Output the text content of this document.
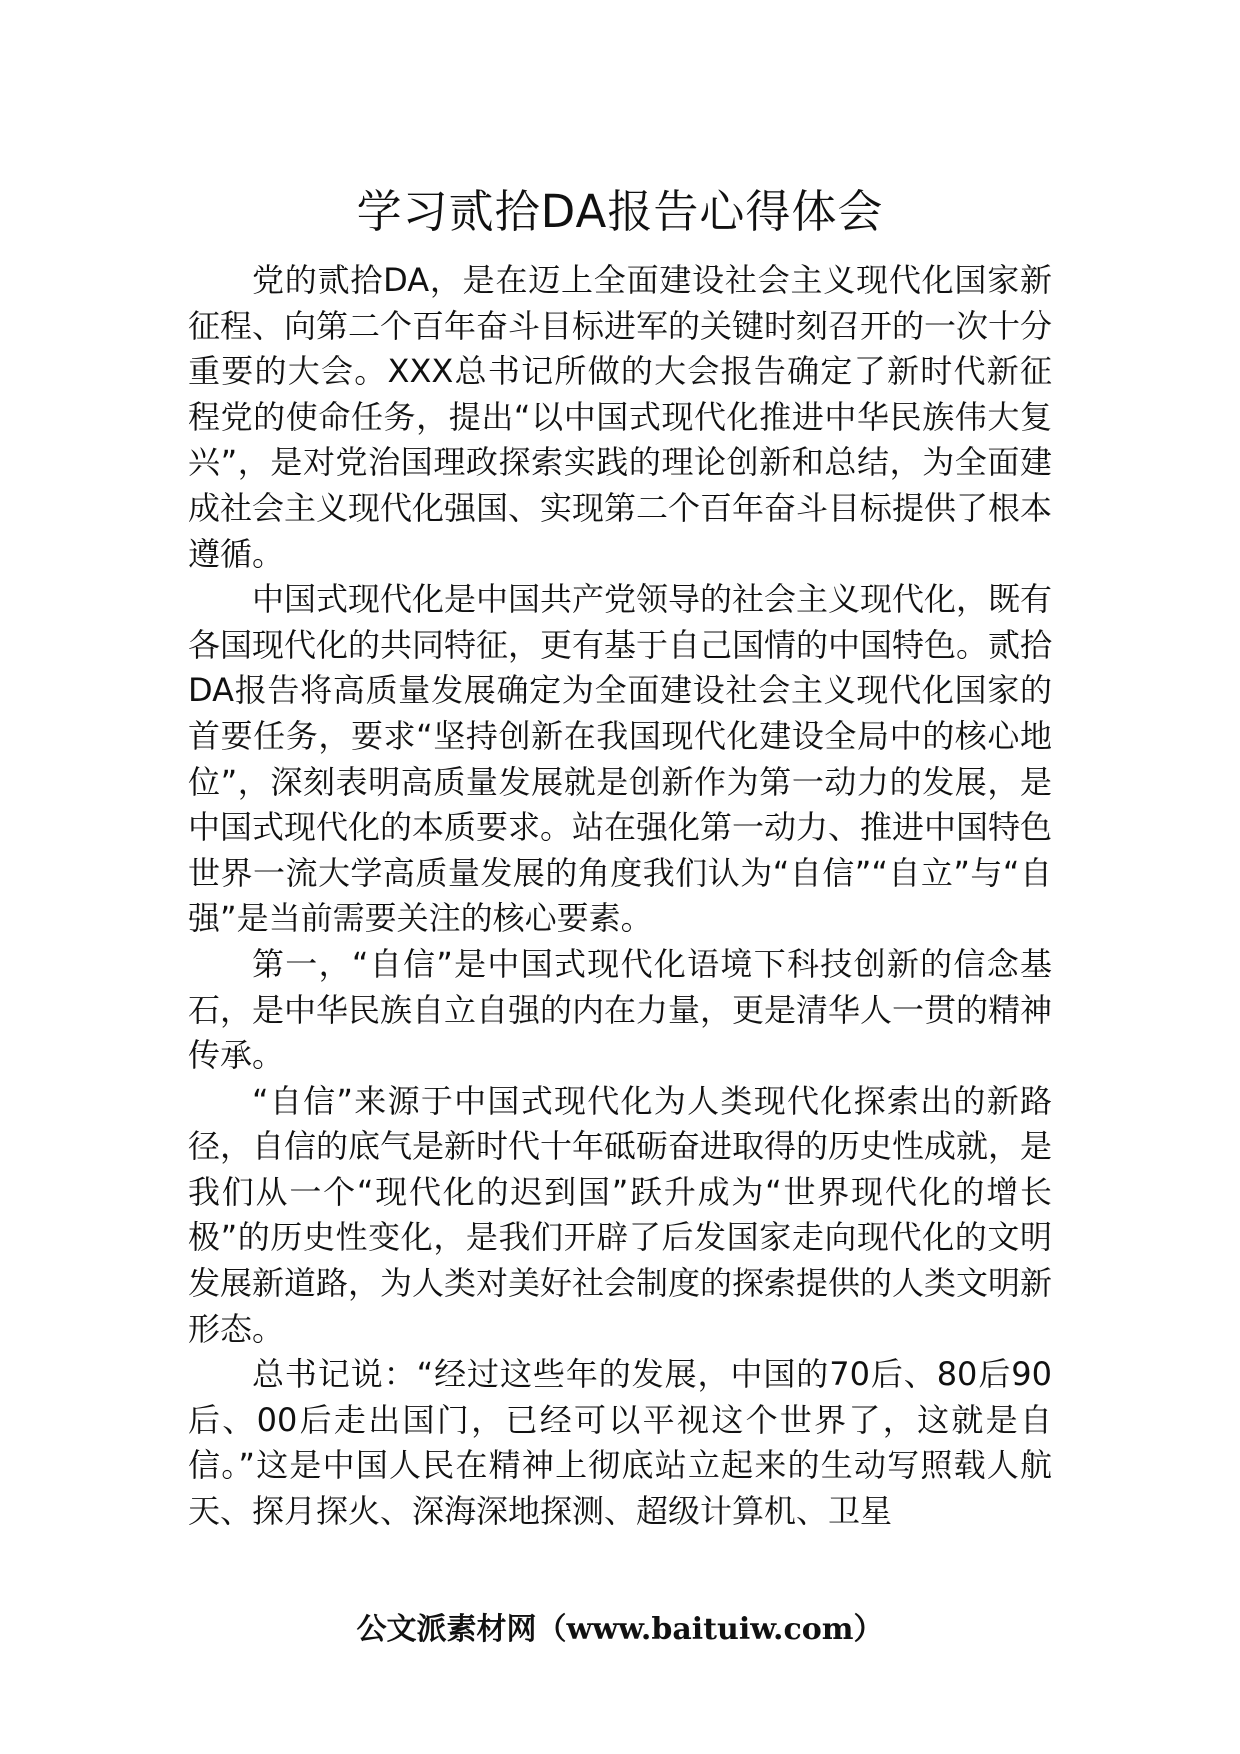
学习贰拾DA报告心得体会

党的贰拾DA，是在迈上全面建设社会主义现代化国家新征程、向第二个百年奋斗目标进军的关键时刻召开的一次十分重要的大会。XXX总书记所做的大会报告确定了新时代新征程党的使命任务，提出“以中国式现代化推进中华民族伟大复兴”，是对党治国理政探索实践的理论创新和总结，为全面建成社会主义现代化强国、实现第二个百年奋斗目标提供了根本遵循。

中国式现代化是中国共产党领导的社会主义现代化，既有各国现代化的共同特征，更有基于自己国情的中国特色。贰拾DA报告将高质量发展确定为全面建设社会主义现代化国家的首要任务，要求“坚持创新在我国现代化建设全局中的核心地位”，深刻表明高质量发展就是创新作为第一动力的发展，是中国式现代化的本质要求。站在强化第一动力、推进中国特色世界一流大学高质量发展的角度我们认为“自信”“自立”与“自强”是当前需要关注的核心要素。

第一，“自信”是中国式现代化语境下科技创新的信念基石，是中华民族自立自强的内在力量，更是清华人一贯的精神传承。

“自信”来源于中国式现代化为人类现代化探索出的新路径，自信的底气是新时代十年砥砺奋进取得的历史性成就，是我们从一个“现代化的迟到国”跃升成为“世界现代化的增长极”的历史性变化，是我们开辟了后发国家走向现代化的文明发展新道路，为人类对美好社会制度的探索提供的人类文明新形态。

总书记说：“经过这些年的发展，中国的70后、80后90后、00后走出国门，已经可以平视这个世界了，这就是自信。”这是中国人民在精神上彻底站立起来的生动写照载人航天、探月探火、深海深地探测、超级计算机、卫星

公文派素材网（www.baituiw.com）
